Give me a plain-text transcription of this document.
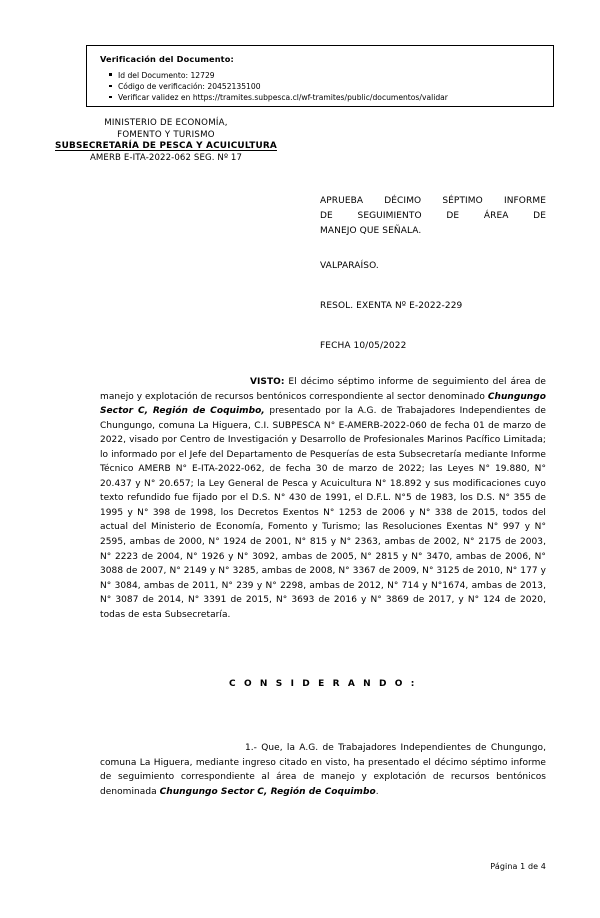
Verificación del Documento:
Id del Documento: 12729
Código de verificación: 20452135100
Verificar validez en https://tramites.subpesca.cl/wf-tramites/public/documentos/validar
MINISTERIO DE ECONOMÍA,
FOMENTO Y TURISMO
SUBSECRETARÍA DE PESCA Y ACUICULTURA
AMERB E-ITA-2022-062 SEG. Nº 17
APRUEBA DÉCIMO SÉPTIMO INFORME
DE SEGUIMIENTO DE ÁREA DE
MANEJO QUE SEÑALA.
VALPARAÍSO.
RESOL. EXENTA Nº E-2022-229
FECHA 10/05/2022
VISTO: El décimo séptimo informe de seguimiento del área de manejo y explotación de recursos bentónicos correspondiente al sector denominado Chungungo Sector C, Región de Coquimbo, presentado por la A.G. de Trabajadores Independientes de Chungungo, comuna La Higuera, C.I. SUBPESCA N° E-AMERB-2022-060 de fecha 01 de marzo de 2022, visado por Centro de Investigación y Desarrollo de Profesionales Marinos Pacífico Limitada; lo informado por el Jefe del Departamento de Pesquerías de esta Subsecretaría mediante Informe Técnico AMERB N° E-ITA-2022-062, de fecha 30 de marzo de 2022; las Leyes N° 19.880, N° 20.437 y N° 20.657; la Ley General de Pesca y Acuicultura N° 18.892 y sus modificaciones cuyo texto refundido fue fijado por el D.S. N° 430 de 1991, el D.F.L. N°5 de 1983, los D.S. N° 355 de 1995 y N° 398 de 1998, los Decretos Exentos N° 1253 de 2006 y N° 338 de 2015, todos del actual del Ministerio de Economía, Fomento y Turismo; las Resoluciones Exentas N° 997 y N° 2595, ambas de 2000, N° 1924 de 2001, N° 815 y N° 2363, ambas de 2002, N° 2175 de 2003, N° 2223 de 2004, N° 1926 y N° 3092, ambas de 2005, N° 2815 y N° 3470, ambas de 2006, N° 3088 de 2007, N° 2149 y N° 3285, ambas de 2008, N° 3367 de 2009, N° 3125 de 2010, N° 177 y N° 3084, ambas de 2011, N° 239 y N° 2298, ambas de 2012, N° 714 y N°1674, ambas de 2013, N° 3087 de 2014, N° 3391 de 2015, N° 3693 de 2016 y N° 3869 de 2017, y N° 124 de 2020, todas de esta Subsecretaría.
C O N S I D E R A N D O :
1.- Que, la A.G. de Trabajadores Independientes de Chungungo, comuna La Higuera, mediante ingreso citado en visto, ha presentado el décimo séptimo informe de seguimiento correspondiente al área de manejo y explotación de recursos bentónicos denominada Chungungo Sector C, Región de Coquimbo.
Página 1 de 4
